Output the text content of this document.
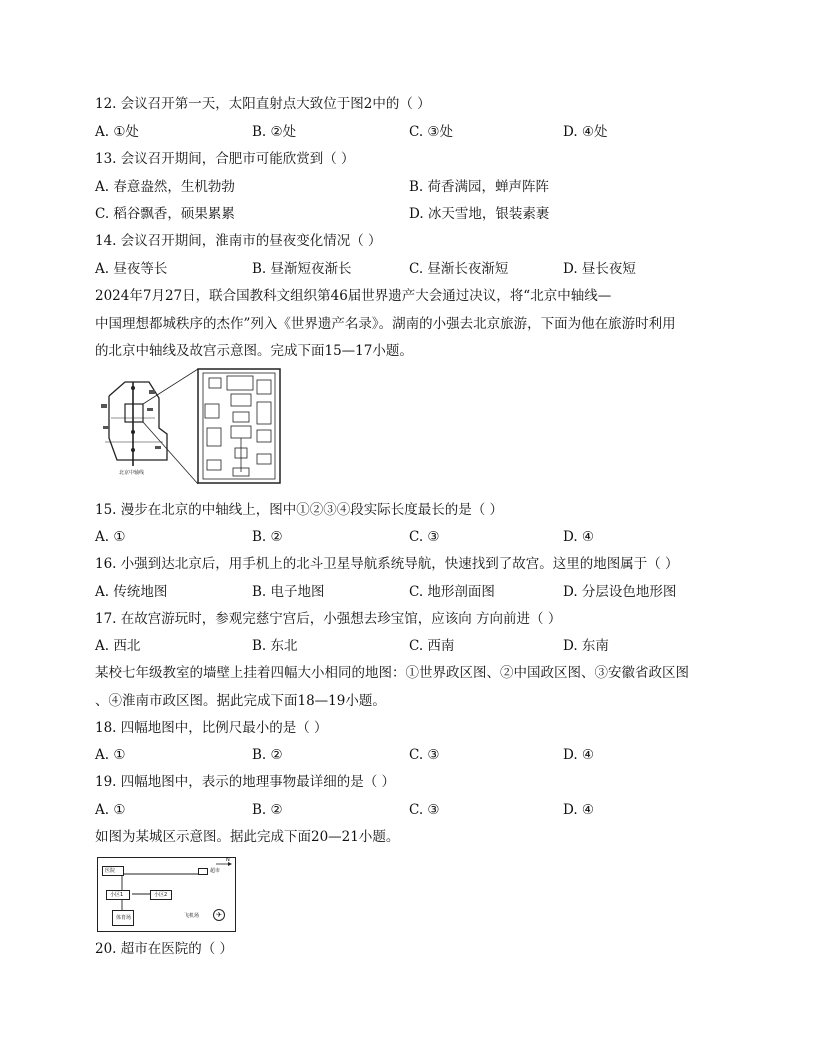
12. 会议召开第一天，太阳直射点大致位于图2中的（ ）
A. ①处	B. ②处	C. ③处	D. ④处
13. 会议召开期间，合肥市可能欣赏到（ ）
A. 春意盎然，生机勃勃	B. 荷香满园，蝉声阵阵
C. 稻谷飘香，硕果累累	D. 冰天雪地，银装素裹
14. 会议召开期间，淮南市的昼夜变化情况（ ）
A. 昼夜等长	B. 昼渐短夜渐长	C. 昼渐长夜渐短	D. 昼长夜短
2024年7月27日，联合国教科文组织第46届世界遗产大会通过决议，将“北京中轴线—
中国理想都城秩序的杰作”列入《世界遗产名录》。湖南的小强去北京旅游，下面为他在旅游时利用
的北京中轴线及故宫示意图。完成下面15—17小题。
北京中轴线
15. 漫步在北京的中轴线上，图中①②③④段实际长度最长的是（ ）
A. ①	B. ②	C. ③	D. ④
16. 小强到达北京后，用手机上的北斗卫星导航系统导航，快速找到了故宫。这里的地图属于（ ）
A. 传统地图	B. 电子地图	C. 地形剖面图	D. 分层设色地形图
17. 在故宫游玩时，参观完慈宁宫后，小强想去珍宝馆，应该向 方向前进（ ）
A. 西北	B. 东北	C. 西南	D. 东南
某校七年级教室的墙壁上挂着四幅大小相同的地图：①世界政区图、②中国政区图、③安徽省政区图
、④淮南市政区图。据此完成下面18—19小题。
18. 四幅地图中，比例尺最小的是（ ）
A. ①	B. ②	C. ③	D. ④
19. 四幅地图中，表示的地理事物最详细的是（ ）
A. ①	B. ②	C. ③	D. ④
如图为某城区示意图。据此完成下面20—21小题。
医院	超市
N
小区1	小区2
体育场	飞机场	✈
20. 超市在医院的（ ）
